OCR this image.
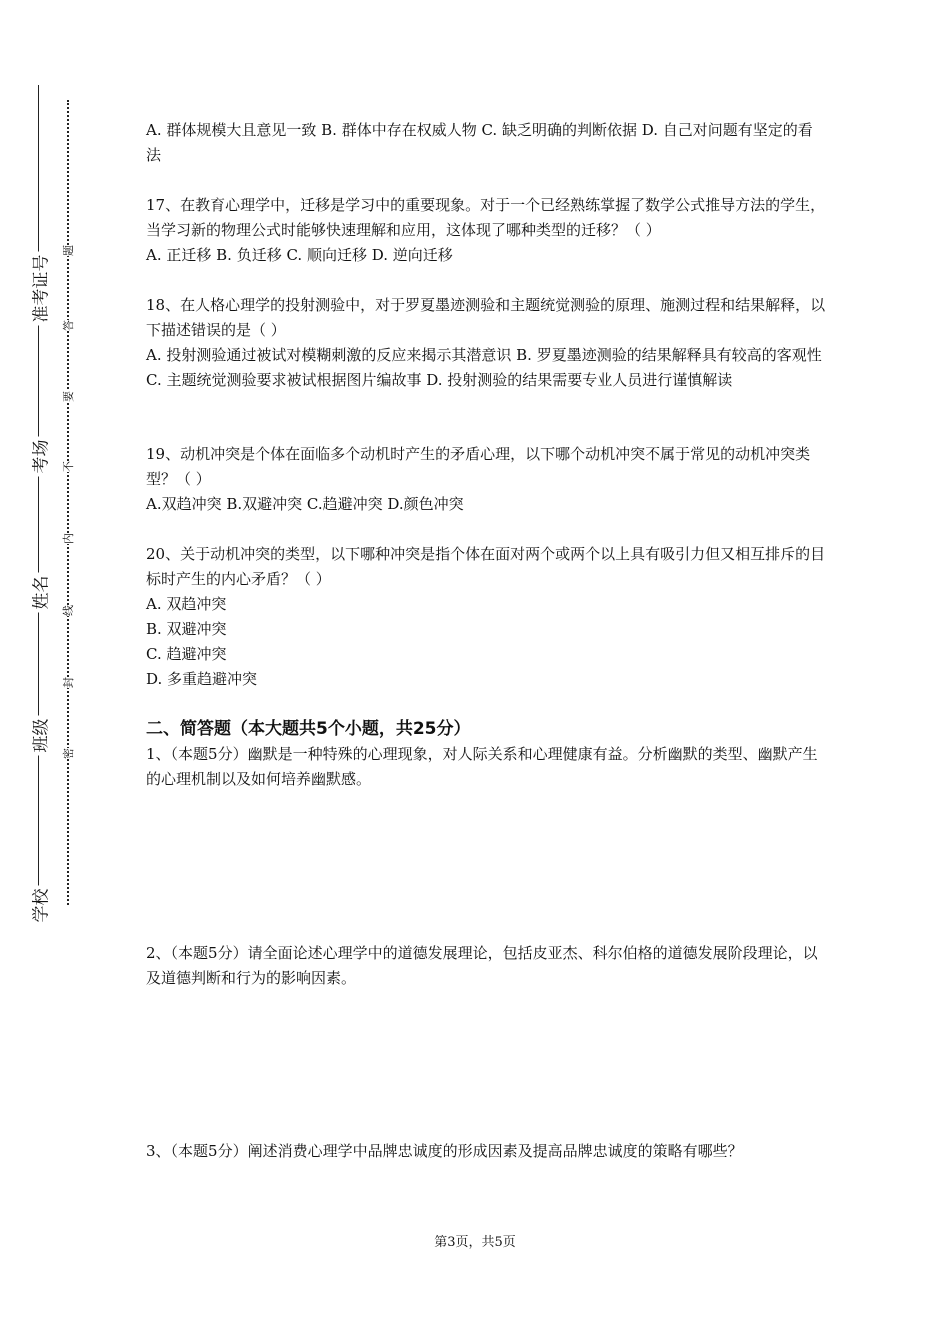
学校
班级
姓名
考场
准考证号
题
答
要
不
内
线
封
密

A. 群体规模大且意见一致 B. 群体中存在权威人物 C. 缺乏明确的判断依据 D. 自己对问题有坚定的看法

17、在教育心理学中，迁移是学习中的重要现象。对于一个已经熟练掌握了数学公式推导方法的学生，当学习新的物理公式时能够快速理解和应用，这体现了哪种类型的迁移？（ ）

A. 正迁移 B. 负迁移 C. 顺向迁移 D. 逆向迁移

18、在人格心理学的投射测验中，对于罗夏墨迹测验和主题统觉测验的原理、施测过程和结果解释，以下描述错误的是（ ）

A. 投射测验通过被试对模糊刺激的反应来揭示其潜意识 B. 罗夏墨迹测验的结果解释具有较高的客观性 C. 主题统觉测验要求被试根据图片编故事 D. 投射测验的结果需要专业人员进行谨慎解读

19、动机冲突是个体在面临多个动机时产生的矛盾心理，以下哪个动机冲突不属于常见的动机冲突类型？（ ）

A.双趋冲突 B.双避冲突 C.趋避冲突 D.颜色冲突

20、关于动机冲突的类型，以下哪种冲突是指个体在面对两个或两个以上具有吸引力但又相互排斥的目标时产生的内心矛盾？（ ）

A. 双趋冲突

B. 双避冲突

C. 趋避冲突

D. 多重趋避冲突

二、简答题（本大题共5个小题，共25分）

1、（本题5分）幽默是一种特殊的心理现象，对人际关系和心理健康有益。分析幽默的类型、幽默产生的心理机制以及如何培养幽默感。

2、（本题5分）请全面论述心理学中的道德发展理论，包括皮亚杰、科尔伯格的道德发展阶段理论，以及道德判断和行为的影响因素。

3、（本题5分）阐述消费心理学中品牌忠诚度的形成因素及提高品牌忠诚度的策略有哪些？

第3页，共5页
